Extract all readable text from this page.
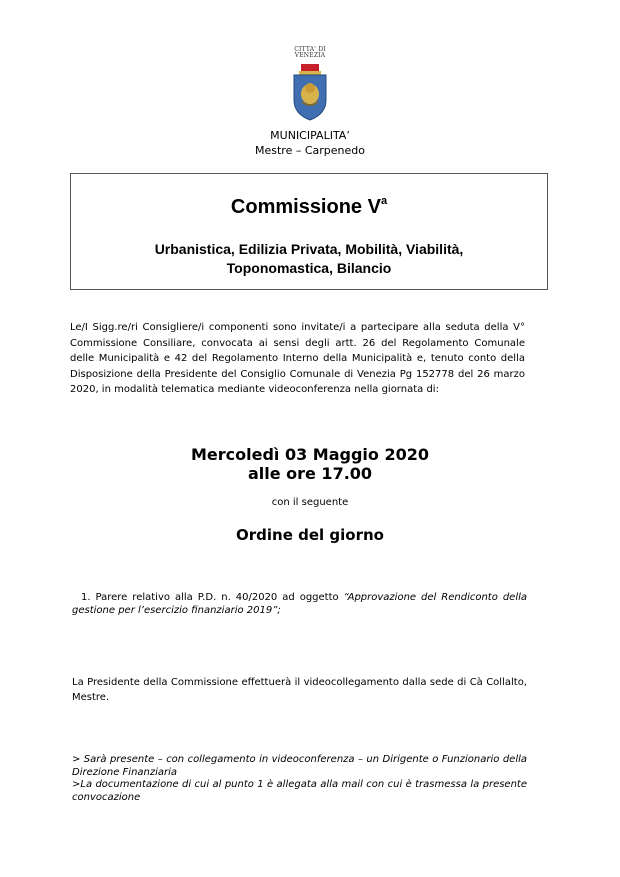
CITTA' DI
VENEZIA
MUNICIPALITA’
Mestre – Carpenedo
Commissione $V^a$
Urbanistica, Edilizia Privata, Mobilità, Viabilità, Toponomastica, Bilancio
Le/I Sigg.re/ri Consigliere/i componenti sono invitate/i a partecipare alla seduta della V° Commissione Consiliare, convocata ai sensi degli artt. 26 del Regolamento Comunale delle Municipalità e 42 del Regolamento Interno della Municipalità e, tenuto conto della Disposizione della Presidente del Consiglio Comunale di Venezia Pg 152778 del 26 marzo 2020, in modalità telematica mediante videoconferenza nella giornata di:
Mercoledì 03 Maggio 2020
alle ore 17.00
con il seguente
Ordine del giorno
1. Parere relativo alla P.D. n. 40/2020 ad oggetto “Approvazione del Rendiconto della gestione per l’esercizio finanziario 2019”;
La Presidente della Commissione effettuerà il videocollegamento dalla sede di Cà Collalto, Mestre.

> Sarà presente – con collegamento in videoconferenza – un Dirigente o Funzionario della Direzione Finanziaria

>La documentazione di cui al punto 1 è allegata alla mail con cui è trasmessa la presente convocazione
